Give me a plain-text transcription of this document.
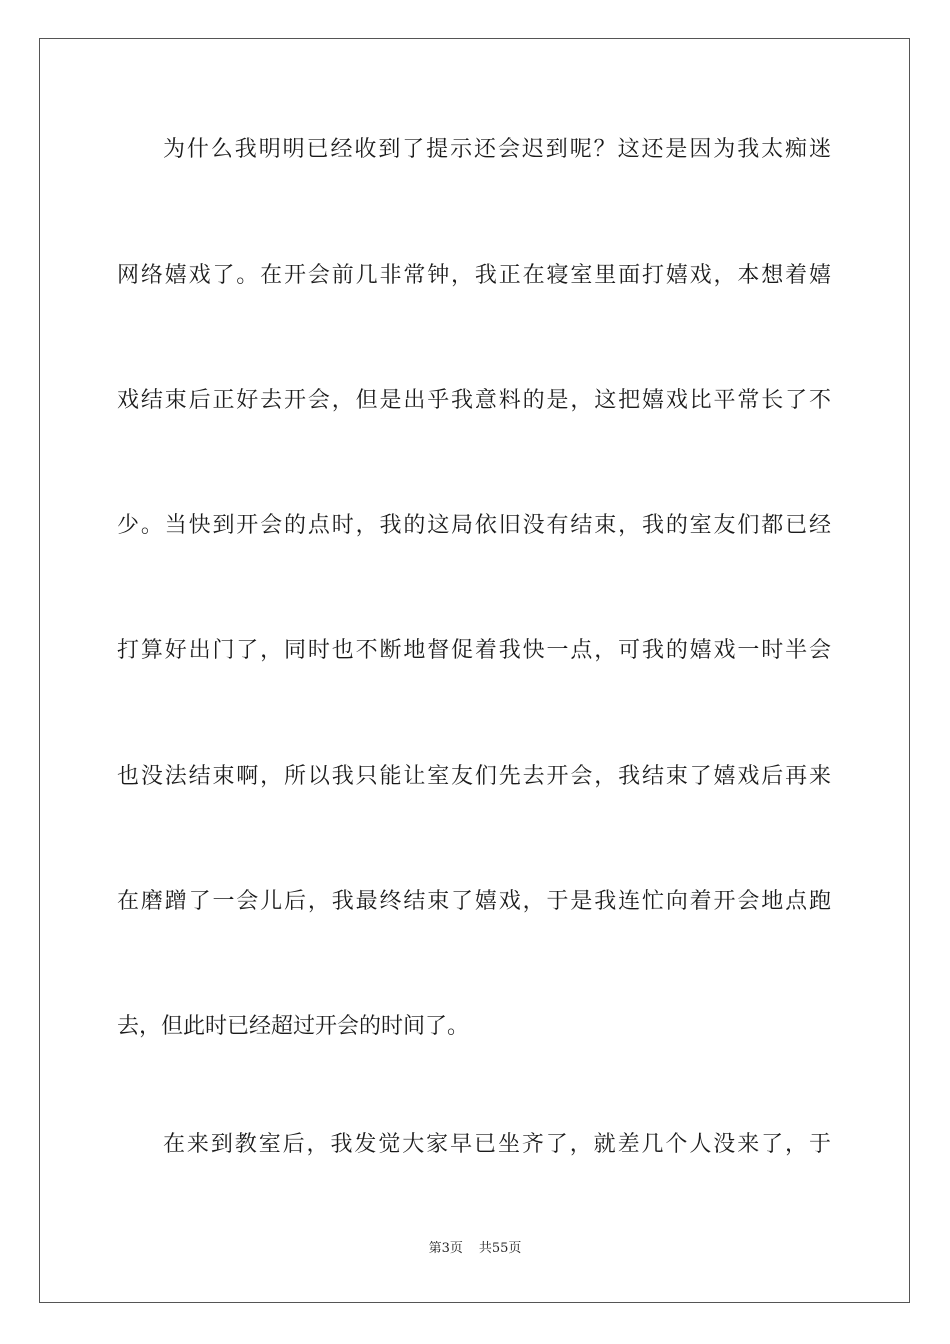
为什么我明明已经收到了提示还会迟到呢？这还是因为我太痴迷
网络嬉戏了。在开会前几非常钟，我正在寝室里面打嬉戏，本想着嬉
戏结束后正好去开会，但是出乎我意料的是，这把嬉戏比平常长了不
少。当快到开会的点时，我的这局依旧没有结束，我的室友们都已经
打算好出门了，同时也不断地督促着我快一点，可我的嬉戏一时半会
也没法结束啊，所以我只能让室友们先去开会，我结束了嬉戏后再来
在磨蹭了一会儿后，我最终结束了嬉戏，于是我连忙向着开会地点跑
去，但此时已经超过开会的时间了。
在来到教室后，我发觉大家早已坐齐了，就差几个人没来了，于
第3页 共55页
